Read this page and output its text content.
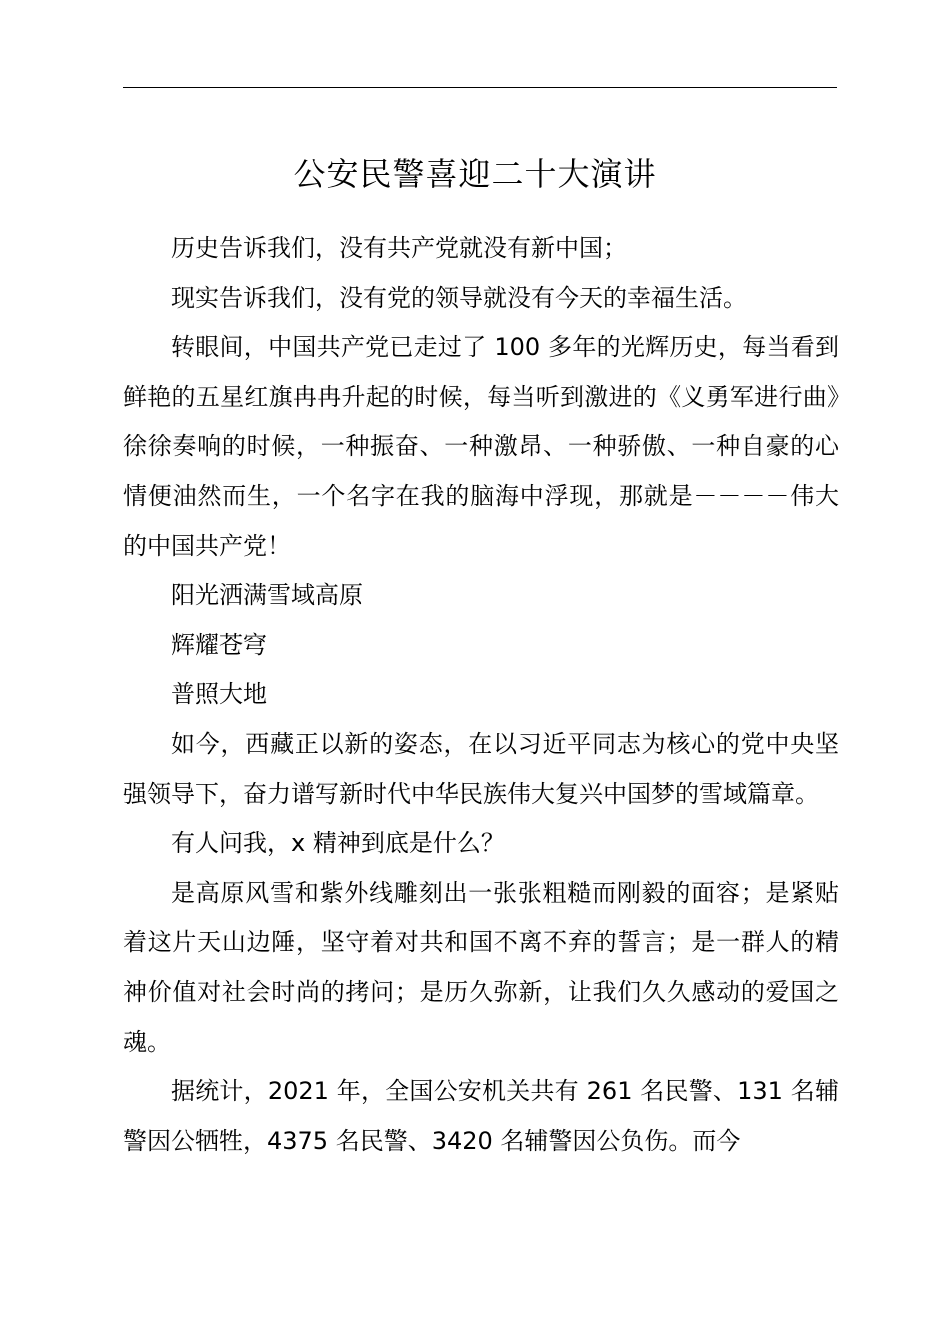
公安民警喜迎二十大演讲

历史告诉我们，没有共产党就没有新中国；

现实告诉我们，没有党的领导就没有今天的幸福生活。

转眼间，中国共产党已走过了 100 多年的光辉历史，每当看到鲜艳的五星红旗冉冉升起的时候，每当听到激进的《义勇军进行曲》徐徐奏响的时候，一种振奋、一种激昂、一种骄傲、一种自豪的心情便油然而生，一个名字在我的脑海中浮现，那就是－－－－伟大的中国共产党！

阳光洒满雪域高原

辉耀苍穹

普照大地

如今，西藏正以新的姿态，在以习近平同志为核心的党中央坚强领导下，奋力谱写新时代中华民族伟大复兴中国梦的雪域篇章。

有人问我，x 精神到底是什么？

是高原风雪和紫外线雕刻出一张张粗糙而刚毅的面容；是紧贴着这片天山边陲，坚守着对共和国不离不弃的誓言；是一群人的精神价值对社会时尚的拷问；是历久弥新，让我们久久感动的爱国之魂。

据统计，2021 年，全国公安机关共有 261 名民警、131 名辅警因公牺牲，4375 名民警、3420 名辅警因公负伤。而今
